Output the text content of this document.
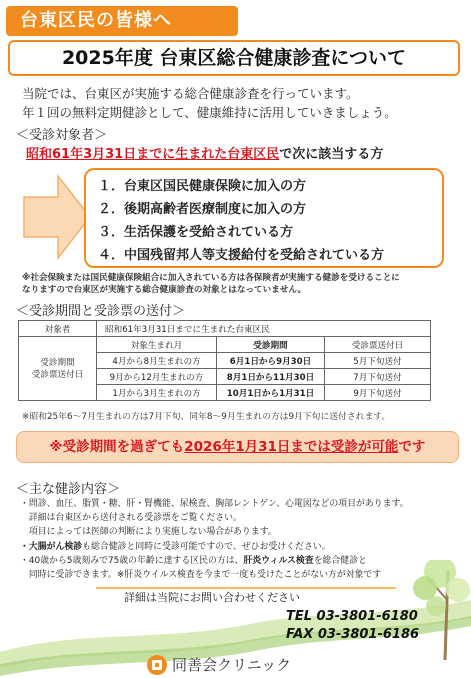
台東区民の皆様へ
2025年度 台東区総合健康診査について
当院では、台東区が実施する総合健康診査を行っています。
年１回の無料定期健診として、健康維持に活用していきましょう。
＜受診対象者＞
昭和61年3月31日までに生まれた台東区民で次に該当する方
１．台東区国民健康保険に加入の方
２．後期高齢者医療制度に加入の方
３．生活保護を受給されている方
４．中国残留邦人等支援給付を受給されている方
※社会保険または国民健康保険組合に加入されている方は各保険者が実施する健診を受けることに
なりますので台東区が実施する総合健康診査の対象とはなっていません。
＜受診期間と受診票の送付＞
対象者	昭和61年3月31日までに生まれた台東区民		

受診期間
受診票送付日	対象生まれ月	受診期間	受診票送付日
	4月から8月生まれの方	6月1日から9月30日	5月下旬送付
	9月から12月生まれの方	8月1日から11月30日	7月下旬送付
	1月から3月生まれの方	10月1日から1月31日	9月下旬送付
※昭和25年6～7月生まれの方は7月下旬、同年8～9月生まれの方は9月下旬に送付されます。
※受診期間を過ぎても2026年1月31日までは受診が可能です
＜主な健診内容＞
・問診、血圧、脂質・糖、肝・腎機能、尿検査、胸部レントゲン、心電図などの項目があります。
　詳細は台東区から送付される受診票をご覧ください。
　項目によっては医師の判断により実施しない場合があります。
・大腸がん検診も総合健診と同時に受診可能ですので、ぜひお受けください。
・40歳から5歳刻みで75歳の年齢に達する区民の方は、肝炎ウィルス検査を総合健診と
　同時に受診できます。※肝炎ウイルス検査を今まで一度も受けたことがない方が対象です
詳細は当院にお問い合わせください
TEL 03-3801-6180
FAX 03-3801-6186
同善会クリニック
